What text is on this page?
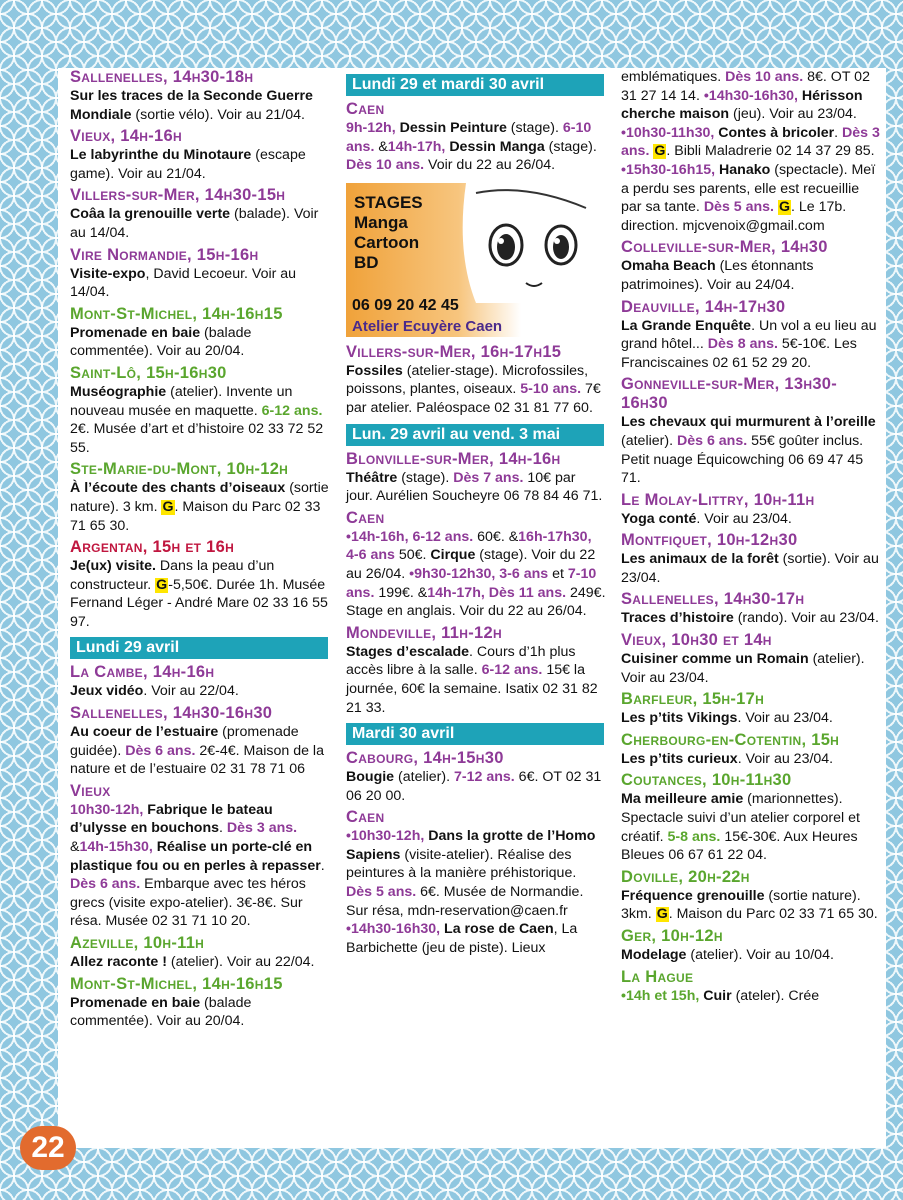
Sallenelles, 14h30-18h
Sur les traces de la Seconde Guerre Mondiale (sortie vélo). Voir au 21/04.
Vieux, 14h-16h
Le labyrinthe du Minotaure (escape game). Voir au 21/04.
Villers-sur-Mer, 14h30-15h
Coâa la grenouille verte (balade). Voir au 14/04.
Vire Normandie, 15h-16h
Visite-expo, David Lecoeur. Voir au 14/04.
Mont-St-Michel, 14h-16h15
Promenade en baie (balade commentée). Voir au 20/04.
Saint-Lô, 15h-16h30
Muséographie (atelier). Invente un nouveau musée en maquette. 6-12 ans. 2€. Musée d’art et d’histoire 02 33 72 52 55.
Ste-Marie-du-Mont, 10h-12h
À l’écoute des chants d’oiseaux (sortie nature). 3 km. G. Maison du Parc 02 33 71 65 30.
Argentan, 15h et 16h
Je(ux) visite. Dans la peau d’un constructeur. G-5,50€. Durée 1h. Musée Fernand Léger - André Mare 02 33 16 55 97.
Lundi 29 avril
La Cambe, 14h-16h
Jeux vidéo. Voir au 22/04.
Sallenelles, 14h30-16h30
Au coeur de l’estuaire (promenade guidée). Dès 6 ans. 2€-4€. Maison de la nature et de l’estuaire 02 31 78 71 06
Vieux
10h30-12h, Fabrique le bateau d’ulysse en bouchons. Dès 3 ans. &14h-15h30, Réalise un porte-clé en plastique fou ou en perles à repasser. Dès 6 ans. Embarque avec tes héros grecs (visite expo-atelier). 3€-8€. Sur résa. Musée 02 31 71 10 20.
Azeville, 10h-11h
Allez raconte ! (atelier). Voir au 22/04.
Mont-St-Michel, 14h-16h15
Promenade en baie (balade commentée). Voir au 20/04.
Lundi 29 et mardi 30 avril
Caen
9h-12h, Dessin Peinture (stage). 6-10 ans. &14h-17h, Dessin Manga (stage). Dès 10 ans. Voir du 22 au 26/04.
STAGES
Manga
Cartoon
BD
06 09 20 42 45
Atelier Ecuyère Caen
Villers-sur-Mer, 16h-17h15
Fossiles (atelier-stage). Microfossiles, poissons, plantes, oiseaux. 5-10 ans. 7€ par atelier. Paléospace 02 31 81 77 60.
Lun. 29 avril au vend. 3 mai
Blonville-sur-Mer, 14h-16h
Théâtre (stage). Dès 7 ans. 10€ par jour. Aurélien Soucheyre 06 78 84 46 71.
Caen
•14h-16h, 6-12 ans. 60€. &16h-17h30, 4-6 ans 50€. Cirque (stage). Voir du 22 au 26/04. •9h30-12h30, 3-6 ans et 7-10 ans. 199€. &14h-17h, Dès 11 ans. 249€. Stage en anglais. Voir du 22 au 26/04.
Mondeville, 11h-12h
Stages d’escalade. Cours d’1h plus accès libre à la salle. 6-12 ans. 15€ la journée, 60€ la semaine. Isatix 02 31 82 21 33.
Mardi 30 avril
Cabourg, 14h-15h30
Bougie (atelier). 7-12 ans. 6€. OT 02 31 06 20 00.
Caen
•10h30-12h, Dans la grotte de l’Homo Sapiens (visite-atelier). Réalise des peintures à la manière préhistorique. Dès 5 ans. 6€. Musée de Normandie. Sur résa, mdn-reservation@caen.fr •14h30-16h30, La rose de Caen, La Barbichette (jeu de piste). Lieux
emblématiques. Dès 10 ans. 8€. OT 02 31 27 14 14. •14h30-16h30, Hérisson cherche maison (jeu). Voir au 23/04. •10h30-11h30, Contes à bricoler. Dès 3 ans. G. Bibli Maladrerie 02 14 37 29 85. •15h30-16h15, Hanako (spectacle). Meï a perdu ses parents, elle est recueillie par sa tante. Dès 5 ans. G. Le 17b. direction. mjcvenoix@gmail.com
Colleville-sur-Mer, 14h30
Omaha Beach (Les étonnants patrimoines). Voir au 24/04.
Deauville, 14h-17h30
La Grande Enquête. Un vol a eu lieu au grand hôtel... Dès 8 ans. 5€-10€. Les Franciscaines 02 61 52 29 20.
Gonneville-sur-Mer, 13h30-16h30
Les chevaux qui murmurent à l’oreille (atelier). Dès 6 ans. 55€ goûter inclus. Petit nuage Équicowching 06 69 47 45 71.
Le Molay-Littry, 10h-11h
Yoga conté. Voir au 23/04.
Montfiquet, 10h-12h30
Les animaux de la forêt (sortie). Voir au 23/04.
Sallenelles, 14h30-17h
Traces d’histoire (rando). Voir au 23/04.
Vieux, 10h30 et 14h
Cuisiner comme un Romain (atelier). Voir au 23/04.
Barfleur, 15h-17h
Les p’tits Vikings. Voir au 23/04.
Cherbourg-en-Cotentin, 15h
Les p’tits curieux. Voir au 23/04.
Coutances, 10h-11h30
Ma meilleure amie (marionnettes). Spectacle suivi d’un atelier corporel et créatif. 5-8 ans. 15€-30€. Aux Heures Bleues 06 67 61 22 04.
Doville, 20h-22h
Fréquence grenouille (sortie nature). 3km. G. Maison du Parc 02 33 71 65 30.
Ger, 10h-12h
Modelage (atelier). Voir au 10/04.
La Hague
•14h et 15h, Cuir (ateler). Crée
22
